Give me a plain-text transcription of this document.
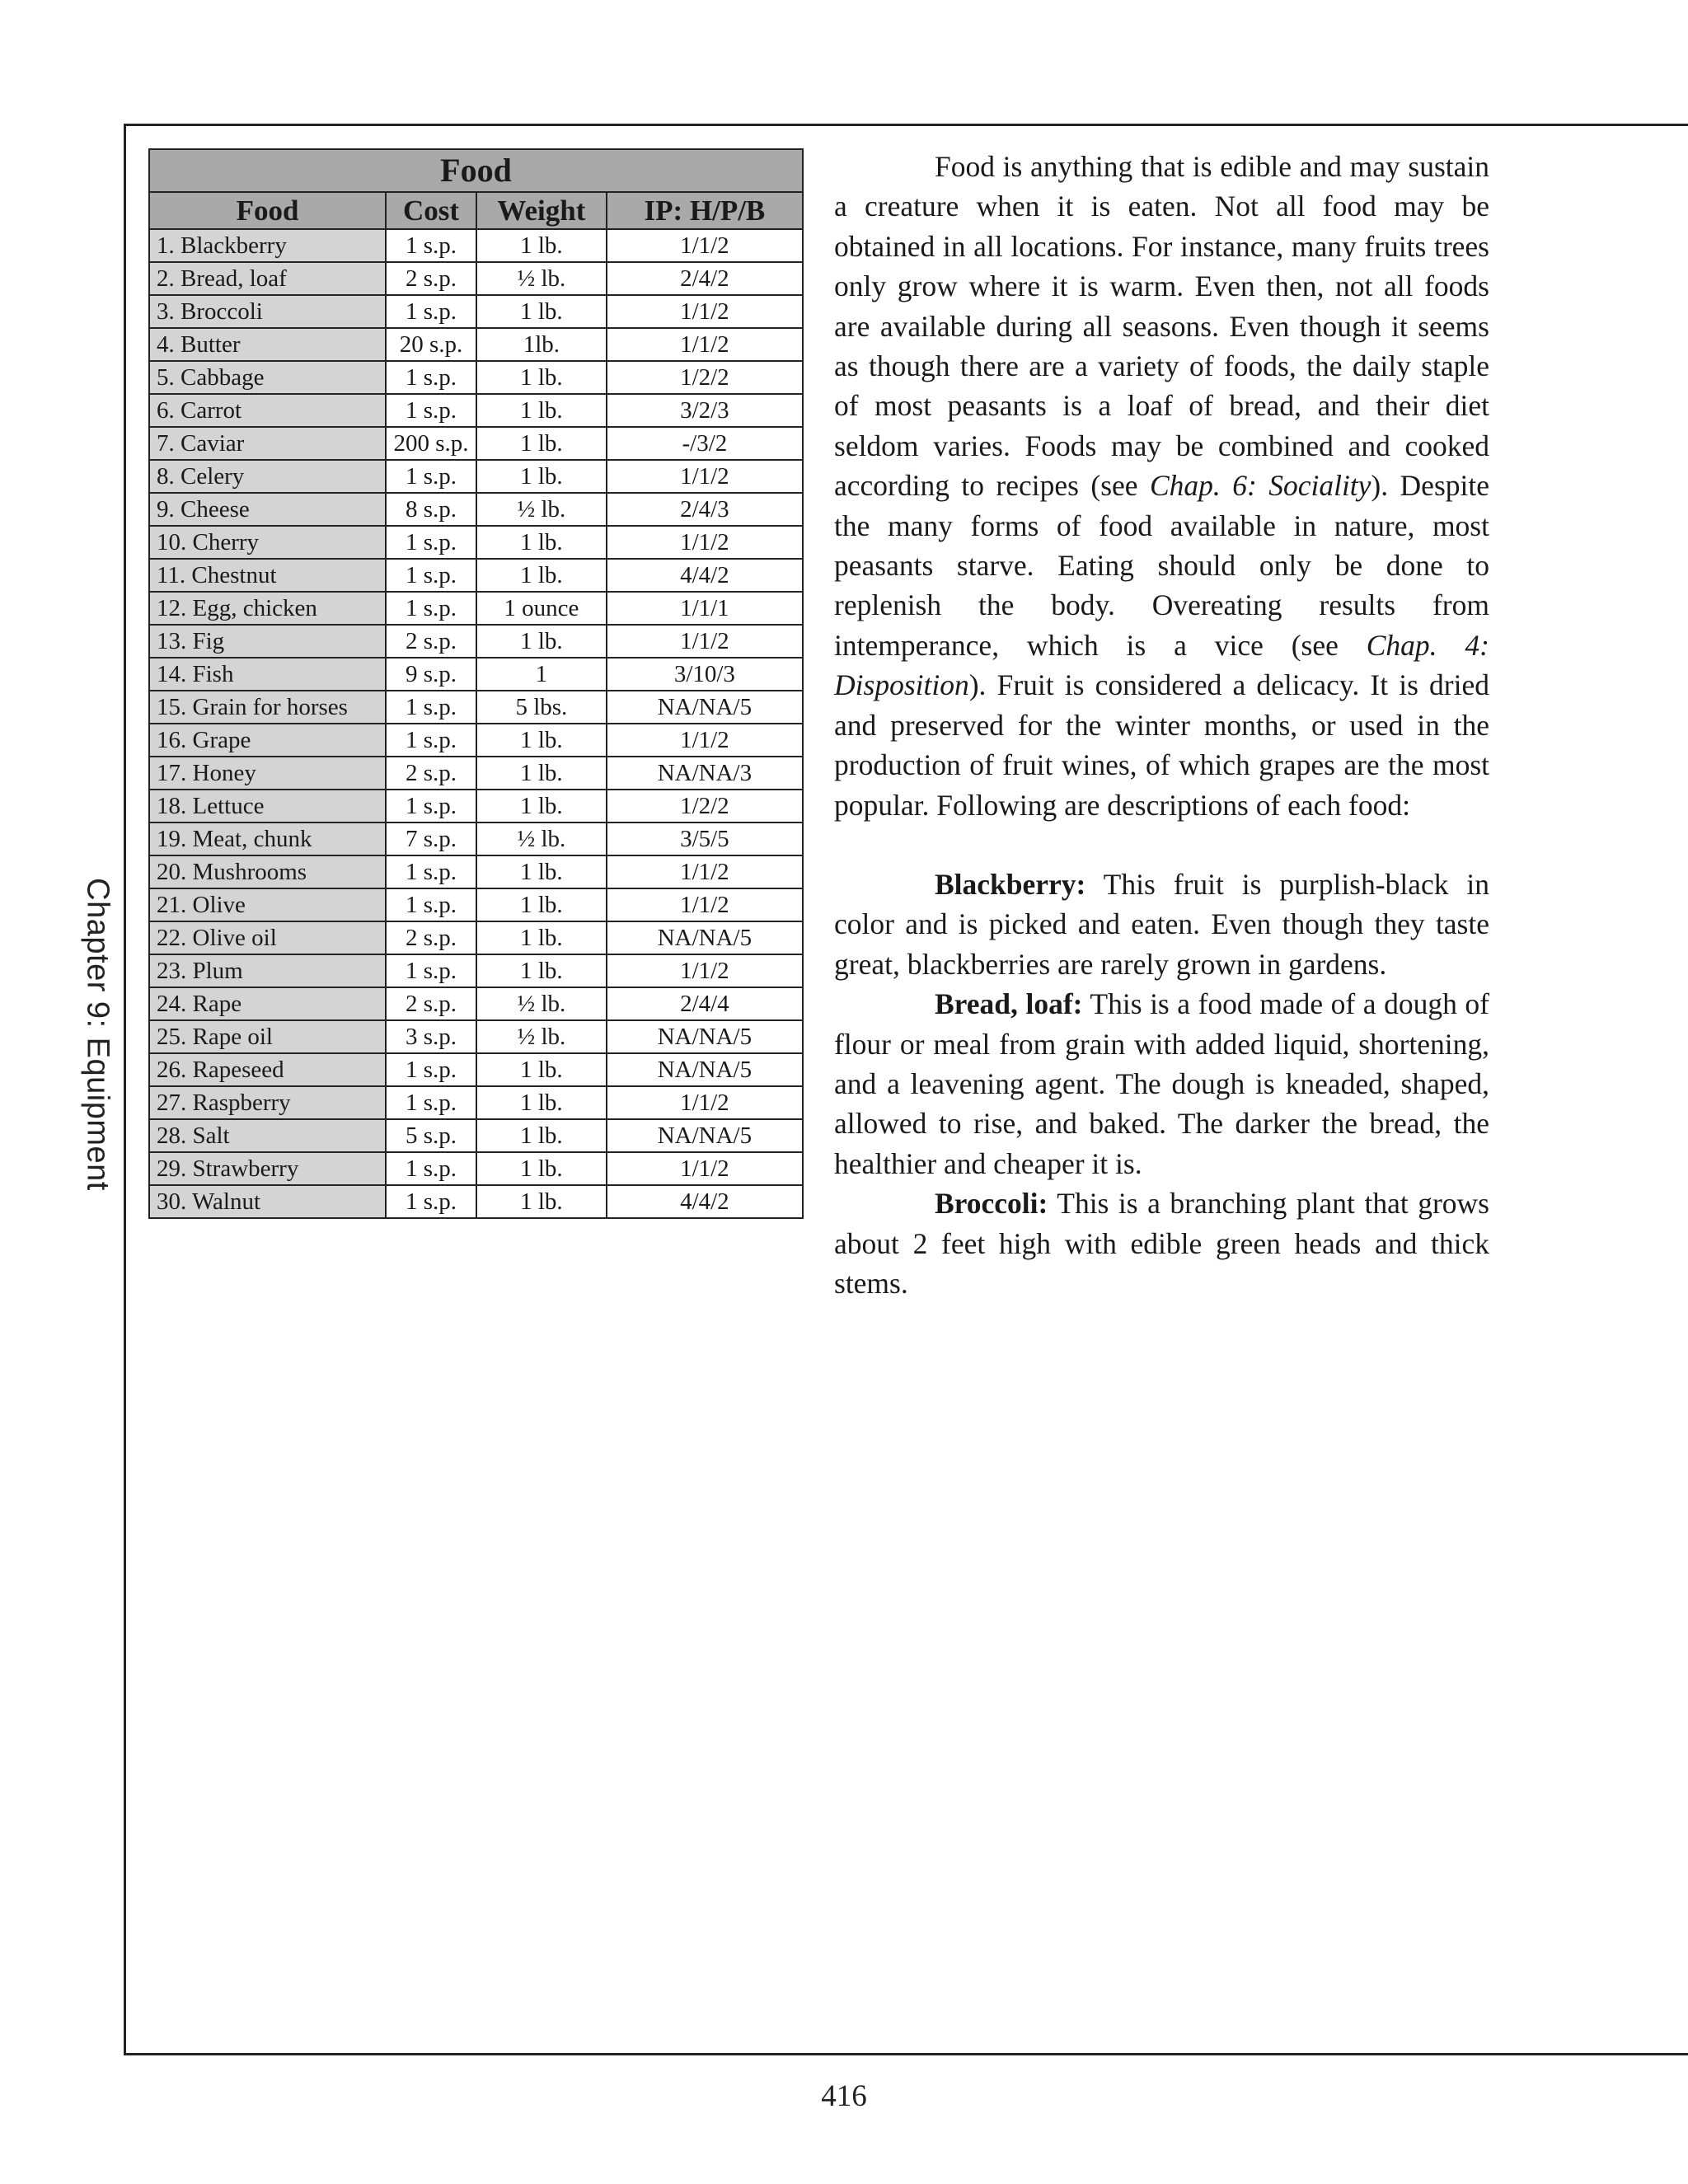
Chapter 9: Equipment
Food			
Food	Cost	Weight	IP: H/P/B
1. Blackberry	1 s.p.	1 lb.	1/1/2
2. Bread, loaf	2 s.p.	½ lb.	2/4/2
3. Broccoli	1 s.p.	1 lb.	1/1/2
4. Butter	20 s.p.	1lb.	1/1/2
5. Cabbage	1 s.p.	1 lb.	1/2/2
6. Carrot	1 s.p.	1 lb.	3/2/3
7. Caviar	200 s.p.	1 lb.	-/3/2
8. Celery	1 s.p.	1 lb.	1/1/2
9. Cheese	8 s.p.	½ lb.	2/4/3
10. Cherry	1 s.p.	1 lb.	1/1/2
11. Chestnut	1 s.p.	1 lb.	4/4/2
12. Egg, chicken	1 s.p.	1 ounce	1/1/1
13. Fig	2 s.p.	1 lb.	1/1/2
14. Fish	9 s.p.	1	3/10/3
15. Grain for horses	1 s.p.	5 lbs.	NA/NA/5
16. Grape	1 s.p.	1 lb.	1/1/2
17. Honey	2 s.p.	1 lb.	NA/NA/3
18. Lettuce	1 s.p.	1 lb.	1/2/2
19. Meat, chunk	7 s.p.	½ lb.	3/5/5
20. Mushrooms	1 s.p.	1 lb.	1/1/2
21. Olive	1 s.p.	1 lb.	1/1/2
22. Olive oil	2 s.p.	1 lb.	NA/NA/5
23. Plum	1 s.p.	1 lb.	1/1/2
24. Rape	2 s.p.	½ lb.	2/4/4
25. Rape oil	3 s.p.	½ lb.	NA/NA/5
26. Rapeseed	1 s.p.	1 lb.	NA/NA/5
27. Raspberry	1 s.p.	1 lb.	1/1/2
28. Salt	5 s.p.	1 lb.	NA/NA/5
29. Strawberry	1 s.p.	1 lb.	1/1/2
30. Walnut	1 s.p.	1 lb.	4/4/2

Food is anything that is edible and may sustain a creature when it is eaten. Not all food may be obtained in all locations. For instance, many fruits trees only grow where it is warm. Even then, not all foods are available during all seasons. Even though it seems as though there are a variety of foods, the daily staple of most peasants is a loaf of bread, and their diet seldom varies. Foods may be combined and cooked according to recipes (see Chap. 6: Sociality). Despite the many forms of food available in nature, most peasants starve. Eating should only be done to replenish the body. Overeating results from intemperance, which is a vice (see Chap. 4: Disposition). Fruit is considered a delicacy. It is dried and preserved for the winter months, or used in the production of fruit wines, of which grapes are the most popular. Following are descriptions of each food:

Blackberry: This fruit is purplish-black in color and is picked and eaten. Even though they taste great, blackberries are rarely grown in gardens.

Bread, loaf: This is a food made of a dough of flour or meal from grain with added liquid, shortening, and a leavening agent. The dough is kneaded, shaped, allowed to rise, and baked. The darker the bread, the healthier and cheaper it is.

Broccoli: This is a branching plant that grows about 2 feet high with edible green heads and thick stems.

416
